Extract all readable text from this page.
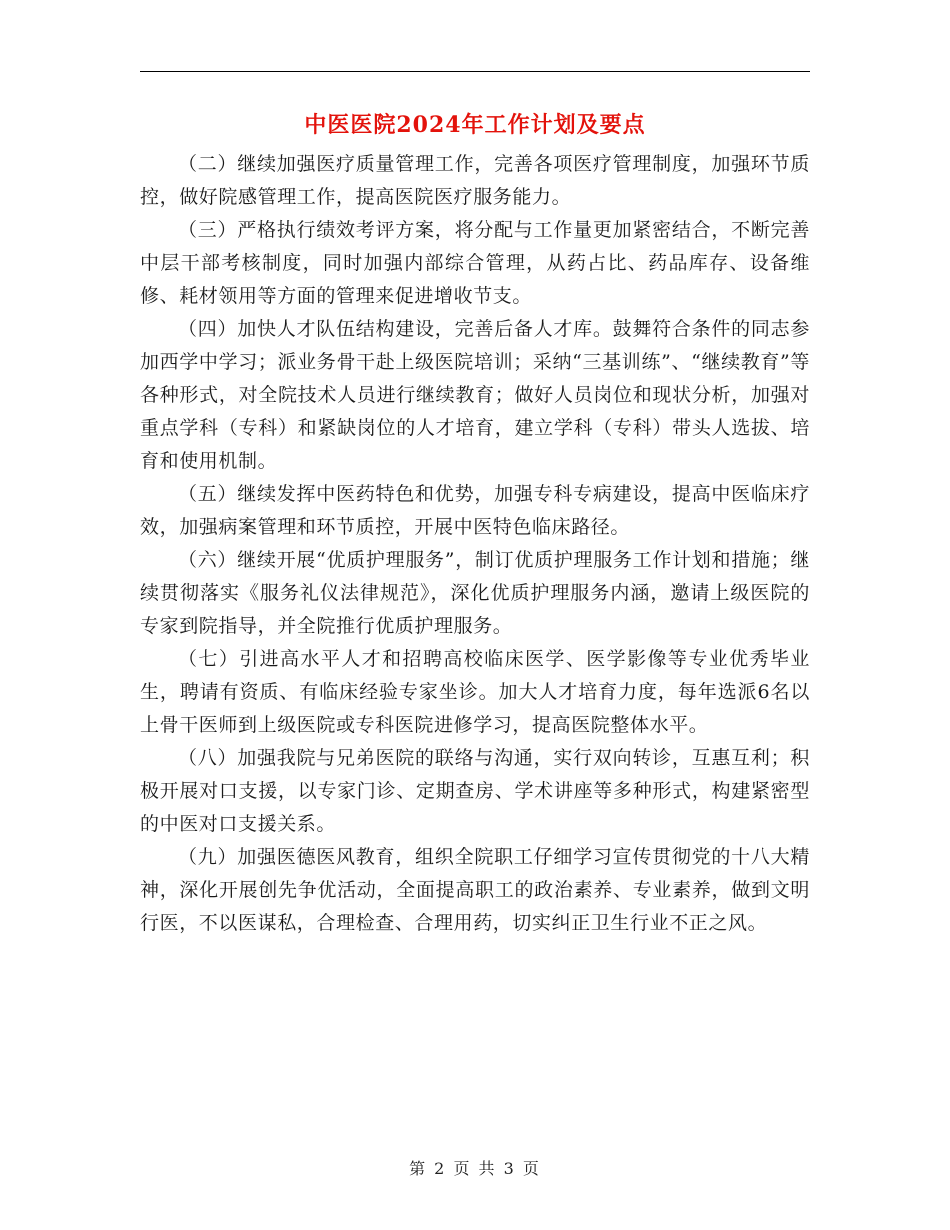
中医医院2024年工作计划及要点

（二）继续加强医疗质量管理工作，完善各项医疗管理制度，加强环节质控，做好院感管理工作，提高医院医疗服务能力。

（三）严格执行绩效考评方案，将分配与工作量更加紧密结合，不断完善中层干部考核制度，同时加强内部综合管理，从药占比、药品库存、设备维修、耗材领用等方面的管理来促进增收节支。

（四）加快人才队伍结构建设，完善后备人才库。鼓舞符合条件的同志参加西学中学习；派业务骨干赴上级医院培训；采纳“三基训练”、“继续教育”等各种形式，对全院技术人员进行继续教育；做好人员岗位和现状分析，加强对重点学科（专科）和紧缺岗位的人才培育，建立学科（专科）带头人选拔、培育和使用机制。

（五）继续发挥中医药特色和优势，加强专科专病建设，提高中医临床疗效，加强病案管理和环节质控，开展中医特色临床路径。

（六）继续开展“优质护理服务”，制订优质护理服务工作计划和措施；继续贯彻落实《服务礼仪法律规范》，深化优质护理服务内涵，邀请上级医院的专家到院指导，并全院推行优质护理服务。

（七）引进高水平人才和招聘高校临床医学、医学影像等专业优秀毕业生，聘请有资质、有临床经验专家坐诊。加大人才培育力度，每年选派6名以上骨干医师到上级医院或专科医院进修学习，提高医院整体水平。

（八）加强我院与兄弟医院的联络与沟通，实行双向转诊，互惠互利；积极开展对口支援，以专家门诊、定期查房、学术讲座等多种形式，构建紧密型的中医对口支援关系。

（九）加强医德医风教育，组织全院职工仔细学习宣传贯彻党的十八大精神，深化开展创先争优活动，全面提高职工的政治素养、专业素养，做到文明行医，不以医谋私，合理检查、合理用药，切实纠正卫生行业不正之风。

第 2 页 共 3 页
